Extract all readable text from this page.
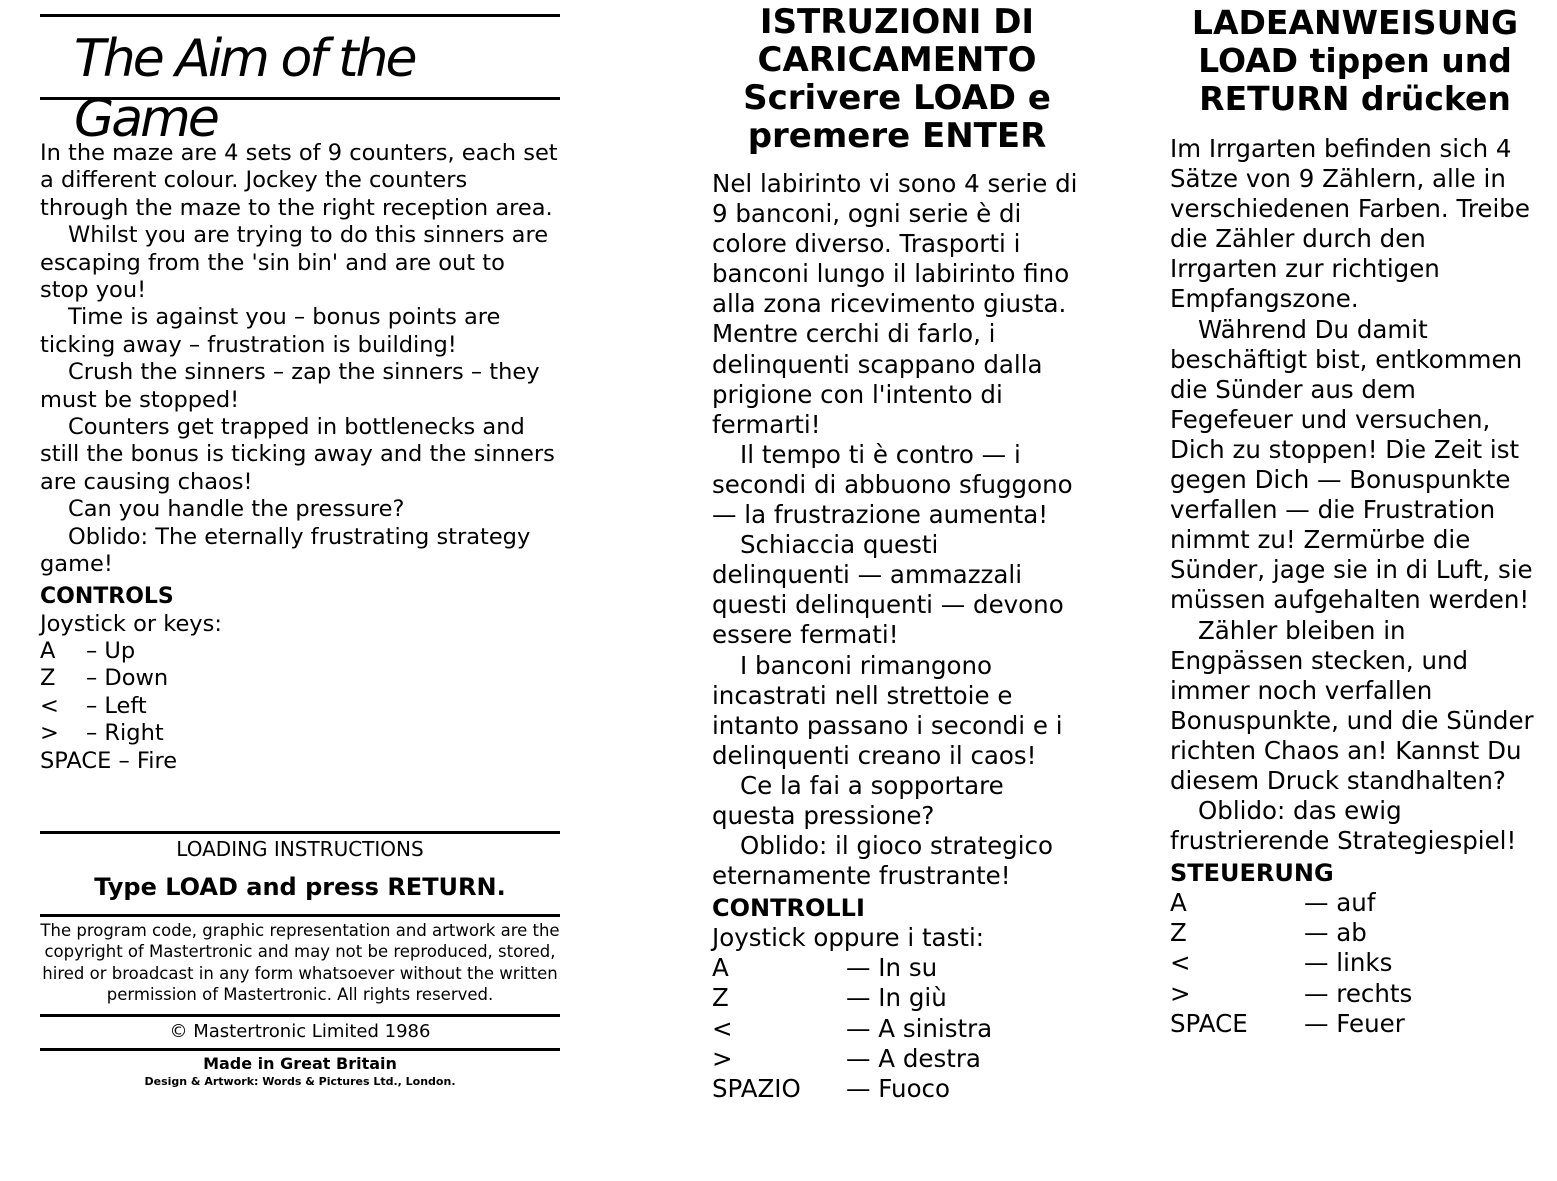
The Aim of the Game

In the maze are 4 sets of 9 counters, each set a different colour. Jockey the counters through the maze to the right reception area.

Whilst you are trying to do this sinners are escaping from the 'sin bin' and are out to stop you!

Time is against you – bonus points are ticking away – frustration is building!

Crush the sinners – zap the sinners – they must be stopped!

Counters get trapped in bottlenecks and still the bonus is ticking away and the sinners are causing chaos!

Can you handle the pressure?

Oblido: The eternally frustrating strategy game!

CONTROLS

Joystick or keys:

A	– Up
Z	– Down
<	– Left
>	– Right

SPACE – Fire

LOADING INSTRUCTIONS
Type LOAD and press RETURN.

The program code, graphic representation and artwork are the copyright of Mastertronic and may not be reproduced, stored, hired or broadcast in any form whatsoever without the written permission of Mastertronic. All rights reserved.

© Mastertronic Limited 1986
Made in Great Britain
Design & Artwork: Words & Pictures Ltd., London.
ISTRUZIONI DI CARICAMENTO Scrivere LOAD e premere ENTER

Nel labirinto vi sono 4 serie di 9 banconi, ogni serie è di colore diverso. Trasporti i banconi lungo il labirinto fino alla zona ricevimento giusta. Mentre cerchi di farlo, i delinquenti scappano dalla prigione con l'intento di fermarti!

Il tempo ti è contro — i secondi di abbuono sfuggono — la frustrazione aumenta!

Schiaccia questi delinquenti — ammazzali questi delinquenti — devono essere fermati!

I banconi rimangono incastrati nell strettoie e intanto passano i secondi e i delinquenti creano il caos!

Ce la fai a sopportare questa pressione?

Oblido: il gioco strategico eternamente frustrante!

CONTROLLI

Joystick oppure i tasti:

A	— In su
Z	— In giù
<	— A sinistra
>	— A destra
SPAZIO	— Fuoco
LADEANWEISUNG LOAD tippen und RETURN drücken

Im Irrgarten befinden sich 4 Sätze von 9 Zählern, alle in verschiedenen Farben. Treibe die Zähler durch den Irrgarten zur richtigen Empfangszone.

Während Du damit beschäftigt bist, entkommen die Sünder aus dem Fegefeuer und versuchen, Dich zu stoppen! Die Zeit ist gegen Dich — Bonuspunkte verfallen — die Frustration nimmt zu! Zermürbe die Sünder, jage sie in di Luft, sie müssen aufgehalten werden!

Zähler bleiben in Engpässen stecken, und immer noch verfallen Bonuspunkte, und die Sünder richten Chaos an! Kannst Du diesem Druck standhalten?

Oblido: das ewig frustrierende Strategiespiel!

STEUERUNG
A	— auf
Z	— ab
<	— links
>	— rechts
SPACE	— Feuer
